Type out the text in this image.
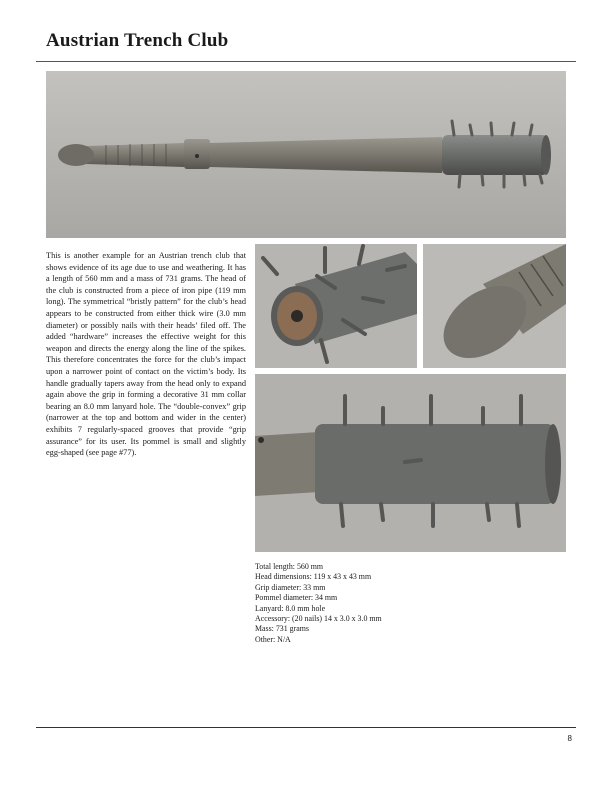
Austrian Trench Club
This is another example for an Austrian trench club that shows evidence of its age due to use and weathering. It has a length of 560 mm and a mass of 731 grams. The head of the club is constructed from a piece of iron pipe (119 mm long). The symmetrical “bristly pattern” for the club’s head appears to be constructed from either thick wire (3.0 mm diameter) or possibly nails with their heads’ filed off. The added “hardware” increases the effective weight for this weapon and directs the energy along the line of the spikes. This therefore concentrates the force for the club’s impact upon a narrower point of contact on the victim’s body. Its handle gradually tapers away from the head only to expand again above the grip in forming a decorative 31 mm collar bearing an 8.0 mm lanyard hole. The “double-convex” grip (narrower at the top and bottom and wider in the center) exhibits 7 regularly-spaced grooves that provide “grip assurance” for its user. Its pommel is small and slightly egg-shaped (see page #77).
Total length: 560 mm
Head dimensions: 119 x 43 x 43 mm
Grip diameter: 33 mm
Pommel diameter: 34 mm
Lanyard: 8.0 mm hole
Accessory: (20 nails) 14 x 3.0 x 3.0 mm
Mass: 731 grams
Other: N/A
8
